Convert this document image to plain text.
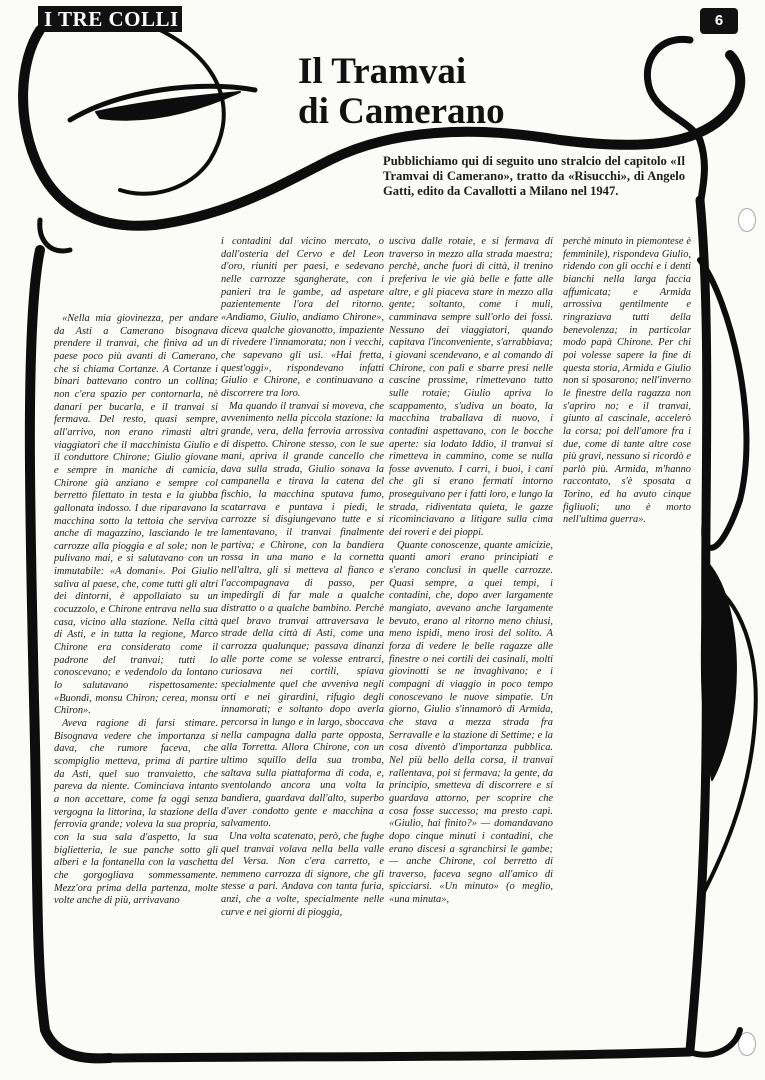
I TRE COLLI	6
Il Tramvai
di Camerano
Pubblichiamo qui di seguito uno stralcio del capitolo «Il Tramvai di Camerano», tratto da «Risucchi», di Angelo Gatti, edito da Cavallotti a Milano nel 1947.

«Nella mia giovinezza, per andare da Asti a Camerano bisognava prendere il tranvai, che finiva ad un paese poco più avanti di Camerano, che si chiama Cortanze. A Cortanze i binari battevano contro un collina; non c'era spazio per contornarla, nè danari per bucarla, e il tranvai si fermava. Del resto, quasi sempre, all'arrivo, non erano rimasti altri viaggiatori che il macchinista Giulio e il conduttore Chirone; Giulio giovane e sempre in maniche di camicia, Chirone già anziano e sempre col berretto filettato in testa e la giubba gallonata indosso. I due riparavano la macchina sotto la tettoia che serviva anche di magazzino, lasciando le tre carrozze alla pioggia e al sole; non le pulivano mai, e si salutavano con un immutabile: «A domani». Poi Giulio saliva al paese, che, come tutti gli altri dei dintorni, è appollaiato su un cocuzzolo, e Chirone entrava nella sua casa, vicino alla stazione. Nella città di Asti, e in tutta la regione, Marco Chirone era considerato come il padrone del tranvai; tutti lo conoscevano; e vedendolo da lontano lo salutavano rispettosamente: «Buondì, monsu Chiron; cerea, monsu Chiron».

Aveva ragione di farsi stimare. Bisognava vedere che importanza si dava, che rumore faceva, che scompiglio metteva, prima di partire da Asti, quel suo tranvaietto, che pareva da niente. Cominciava intanto a non accettare, come fa oggi senza vergogna la littorina, la stazione della ferrovia grande; voleva la sua propria, con la sua sala d'aspetto, la sua biglietteria, le sue panche sotto gli alberi e la fontanella con la vaschetta che gorgogliava sommessamente. Mezz'ora prima della partenza, molte volte anche di più, arrivavano

i contadini dal vicino mercato, o dall'osteria del Cervo e del Leon d'oro, riuniti per paesi, e sedevano nelle carrozze sgangherate, con i panieri tra le gambe, ad aspetare pazientemente l'ora del ritorno. «Andiamo, Giulio, andiamo Chirone», diceva qualche giovanotto, impaziente di rivedere l'innamorata; non i vecchi, che sapevano gli usi. «Hai fretta, quest'oggi», rispondevano infatti Giulio e Chirone, e continuavano a discorrere tra loro.

Ma quando il tranvai si moveva, che avvenimento nella piccola stazione: la grande, vera, della ferrovia arrossiva di dispetto. Chirone stesso, con le sue mani, apriva il grande cancello che dava sulla strada, Giulio sonava la campanella e tirava la catena del fischio, la macchina sputava fumo, scatarrava e puntava i piedi, le carrozze si disgiungevano tutte e si lamentavano, il tranvai finalmente partiva; e Chirone, con la bandiera rossa in una mano e la cornetta nell'altra, gli si metteva al fianco e l'accompagnava di passo, per impedirgli di far male a qualche distratto o a qualche bambino. Perchè quel bravo tranvai attraversava le strade della città di Asti, come una carrozza qualunque; passava dinanzi alle porte come se volesse entrarci, curiosava nei cortili, spiava specialmente quel che avveniva negli orti e nei girardini, rifugio degli innamorati; e soltanto dopo averla percorsa in lungo e in largo, sboccava nella campagna dalla parte opposta, alla Torretta. Allora Chirone, con un ultimo squillo della sua tromba, saltava sulla piattaforma di coda, e, sventolando ancora una volta la bandiera, guardava dall'alto, superbo d'aver condotto gente e macchina a salvamento.

Una volta scatenato, però, che fughe quel tranvai volava nella bella valle del Versa. Non c'era carretto, e nemmeno carrozza di signore, che gli stesse a pari. Andava con tanta furia, anzi, che a volte, specialmente nelle curve e nei giorni di pioggia,

usciva dalle rotaie, e si fermava di traverso in mezzo alla strada maestra; perchè, anche fuori di città, il trenino preferiva le vie già belle e fatte alle altre, e gli piaceva stare in mezzo alla gente; soltanto, come i muli, camminava sempre sull'orlo dei fossi. Nessuno dei viaggiatori, quando capitava l'inconveniente, s'arrabbiava; i giovani scendevano, e al comando di Chirone, con pali e sbarre presi nelle cascine prossime, rimettevano tutto sulle rotaie; Giulio apriva lo scappamento, s'udiva un boato, la macchina traballava di nuovo, i contadini aspettavano, con le bocche aperte: sia lodato Iddio, il tranvai si rimetteva in cammino, come se nulla fosse avvenuto. I carri, i buoi, i cani che gli si erano fermati intorno proseguivano per i fatti loro, e lungo la strada, ridiventata quieta, le gazze ricominciavano a litigare sulla cima dei roveri e dei pioppi.

Quante conoscenze, quante amicizie, quanti amori erano principiati e s'erano conclusi in quelle carrozze. Quasi sempre, a quei tempi, i contadini, che, dopo aver largamente mangiato, avevano anche largamente bevuto, erano al ritorno meno chiusi, meno ispidi, meno irosi del solito. A forza di vedere le belle ragazze alle finestre o nei cortili dei casinali, molti giovinotti se ne invaghivano; e i compagni di viaggio in poco tempo conoscevano le nuove simpatie. Un giorno, Giulio s'innamorò di Armida, che stava a mezza strada fra Serravalle e la stazione di Settime; e la cosa diventò d'importanza pubblica. Nel più bello della corsa, il tranvai rallentava, poi si fermava; la gente, da principio, smetteva di discorrere e si guardava attorno, per scoprire che cosa fosse successo; ma presto capì. «Giulio, hai finito?» — domandavano dopo cinque minuti i contadini, che erano discesi a sgranchirsi le gambe; — anche Chirone, col berretto di traverso, faceva segno all'amico di spicciarsi. «Un minuto» (o meglio, «una minuta»,

perchè minuto in piemontese è femminile), rispondeva Giulio, ridendo con gli occhi e i denti bianchi nella larga faccia affumicata; e Armida arrossiva gentilmente e ringraziava tutti della benevolenza; in particolar modo papà Chirone. Per chi poi volesse sapere la fine di questa storia, Armida e Giulio non si sposarono; nell'inverno le finestre della ragazza non s'apriro no; e il tranvai, giunto al cascinale, accelerò la corsa; poi dell'amore fra i due, come di tante altre cose più gravi, nessuno si ricordò e parlò più. Armida, m'hanno raccontato, s'è sposata a Torino, ed ha avuto cinque figliuoli; uno è morto nell'ultima guerra».
